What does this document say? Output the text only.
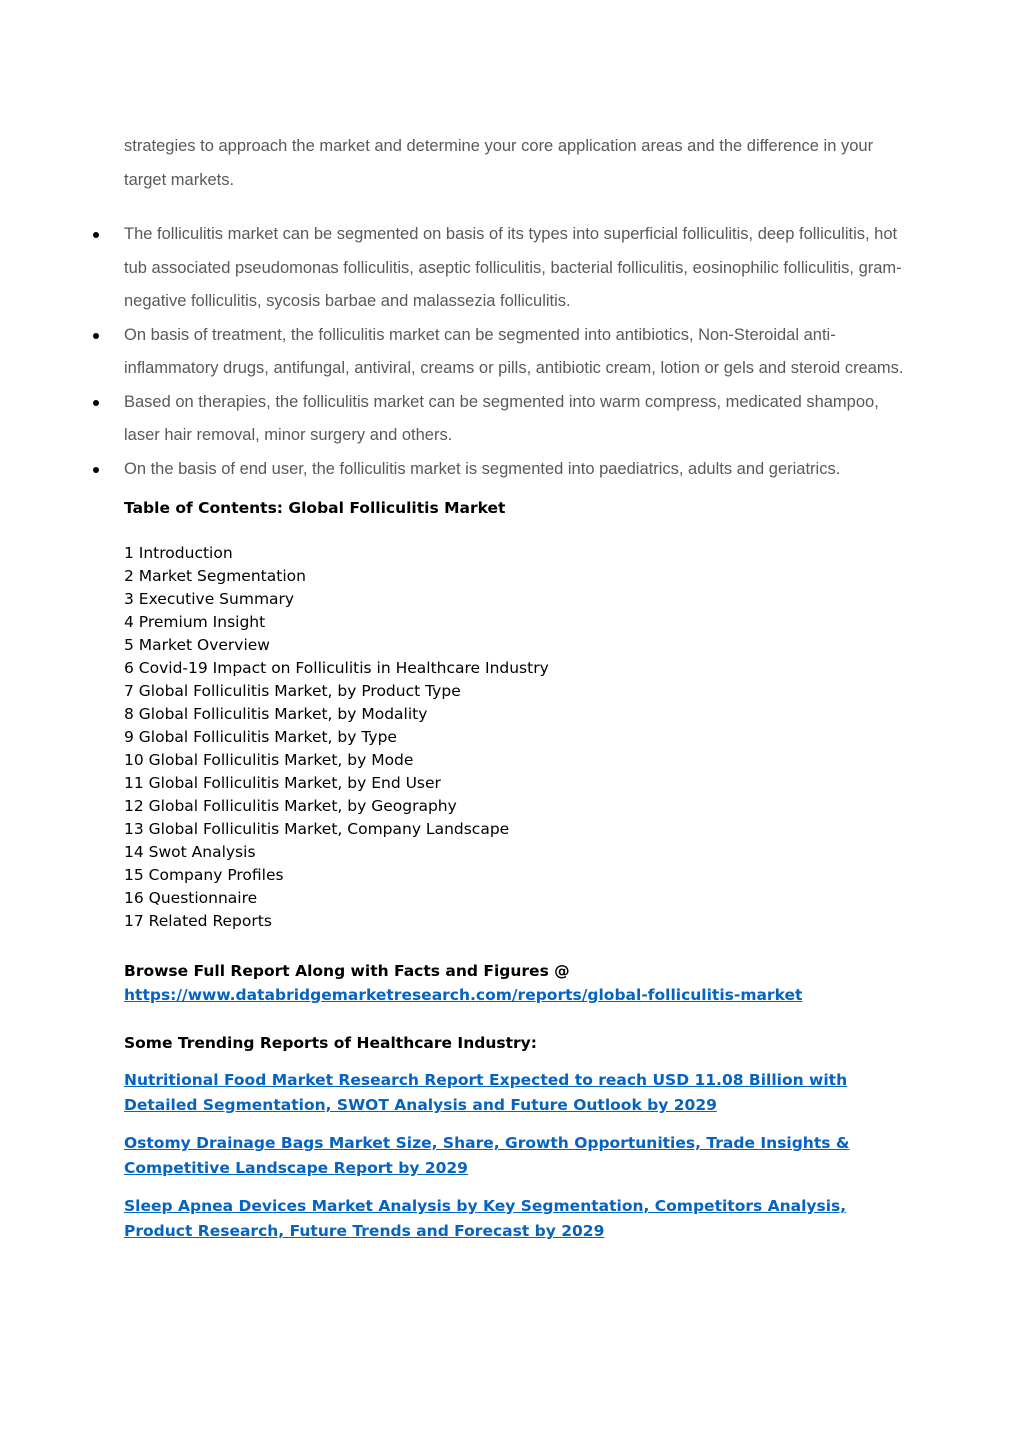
strategies to approach the market and determine your core application areas and the difference in your target markets.

The folliculitis market can be segmented on basis of its types into superficial folliculitis, deep folliculitis, hot tub associated pseudomonas folliculitis, aseptic folliculitis, bacterial folliculitis, eosinophilic folliculitis, gram-negative folliculitis, sycosis barbae and malassezia folliculitis.
On basis of treatment, the folliculitis market can be segmented into antibiotics, Non-Steroidal anti-inflammatory drugs, antifungal, antiviral, creams or pills, antibiotic cream, lotion or gels and steroid creams.
Based on therapies, the folliculitis market can be segmented into warm compress, medicated shampoo, laser hair removal, minor surgery and others.
On the basis of end user, the folliculitis market is segmented into paediatrics, adults and geriatrics.
Table of Contents: Global Folliculitis Market
1 Introduction
2 Market Segmentation
3 Executive Summary
4 Premium Insight
5 Market Overview
6 Covid-19 Impact on Folliculitis in Healthcare Industry
7 Global Folliculitis Market, by Product Type
8 Global Folliculitis Market, by Modality
9 Global Folliculitis Market, by Type
10 Global Folliculitis Market, by Mode
11 Global Folliculitis Market, by End User
12 Global Folliculitis Market, by Geography
13 Global Folliculitis Market, Company Landscape
14 Swot Analysis
15 Company Profiles
16 Questionnaire
17 Related Reports
Browse Full Report Along with Facts and Figures @
https://www.databridgemarketresearch.com/reports/global-folliculitis-market
Some Trending Reports of Healthcare Industry:
Nutritional Food Market Research Report Expected to reach USD 11.08 Billion with Detailed Segmentation, SWOT Analysis and Future Outlook by 2029
Ostomy Drainage Bags Market Size, Share, Growth Opportunities, Trade Insights & Competitive Landscape Report by 2029
Sleep Apnea Devices Market Analysis by Key Segmentation, Competitors Analysis, Product Research, Future Trends and Forecast by 2029
